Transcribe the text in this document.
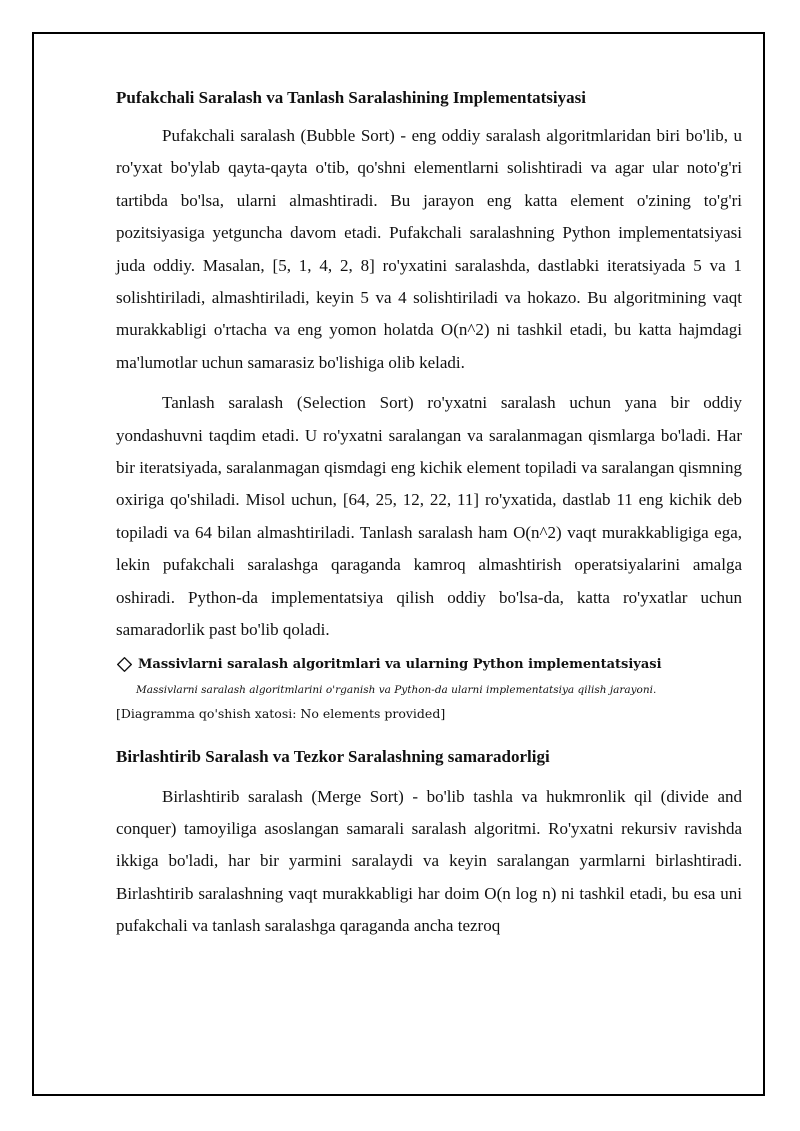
Pufakchali Saralash va Tanlash Saralashining Implementatsiyasi

Pufakchali saralash (Bubble Sort) - eng oddiy saralash algoritmlaridan biri bo'lib, u ro'yxat bo'ylab qayta-qayta o'tib, qo'shni elementlarni solishtiradi va agar ular noto'g'ri tartibda bo'lsa, ularni almashtiradi. Bu jarayon eng katta element o'zining to'g'ri pozitsiyasiga yetguncha davom etadi. Pufakchali saralashning Python implementatsiyasi juda oddiy. Masalan, [5, 1, 4, 2, 8] ro'yxatini saralashda, dastlabki iteratsiyada 5 va 1 solishtiriladi, almashtiriladi, keyin 5 va 4 solishtiriladi va hokazo. Bu algoritmining vaqt murakkabligi o'rtacha va eng yomon holatda O(n^2) ni tashkil etadi, bu katta hajmdagi ma'lumotlar uchun samarasiz bo'lishiga olib keladi.

Tanlash saralash (Selection Sort) ro'yxatni saralash uchun yana bir oddiy yondashuvni taqdim etadi. U ro'yxatni saralangan va saralanmagan qismlarga bo'ladi. Har bir iteratsiyada, saralanmagan qismdagi eng kichik element topiladi va saralangan qismning oxiriga qo'shiladi. Misol uchun, [64, 25, 12, 22, 11] ro'yxatida, dastlab 11 eng kichik deb topiladi va 64 bilan almashtiriladi. Tanlash saralash ham O(n^2) vaqt murakkabligiga ega, lekin pufakchali saralashga qaraganda kamroq almashtirish operatsiyalarini amalga oshiradi. Python-da implementatsiya qilish oddiy bo'lsa-da, katta ro'yxatlar uchun samaradorlik past bo'lib qoladi.

Massivlarni saralash algoritmlari va ularning Python implementatsiyasi
Massivlarni saralash algoritmlarini o'rganish va Python-da ularni implementatsiya qilish jarayoni.
[Diagramma qo'shish xatosi: No elements provided]
Birlashtirib Saralash va Tezkor Saralashning samaradorligi

Birlashtirib saralash (Merge Sort) - bo'lib tashla va hukmronlik qil (divide and conquer) tamoyiliga asoslangan samarali saralash algoritmi. Ro'yxatni rekursiv ravishda ikkiga bo'ladi, har bir yarmini saralaydi va keyin saralangan yarmlarni birlashtiradi. Birlashtirib saralashning vaqt murakkabligi har doim O(n log n) ni tashkil etadi, bu esa uni pufakchali va tanlash saralashga qaraganda ancha tezroq
